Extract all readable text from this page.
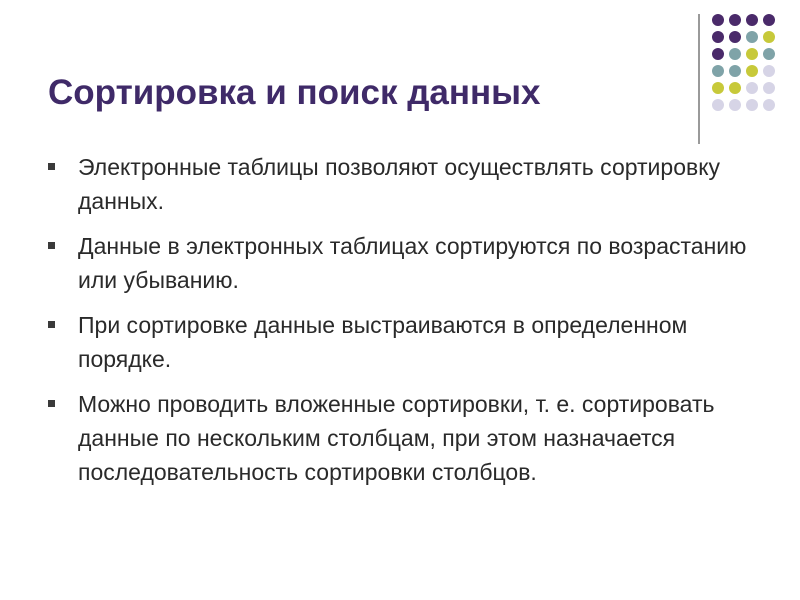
Сортировка и поиск данных
Электронные таблицы позволяют осуществлять сортировку данных.
Данные в электронных таблицах сортируются по возрастанию или убыванию.
При сортировке данные выстраиваются в определенном порядке.
Можно проводить вложенные сортировки, т. е. сортировать данные по нескольким столбцам, при этом назначается последовательность сортировки столбцов.
